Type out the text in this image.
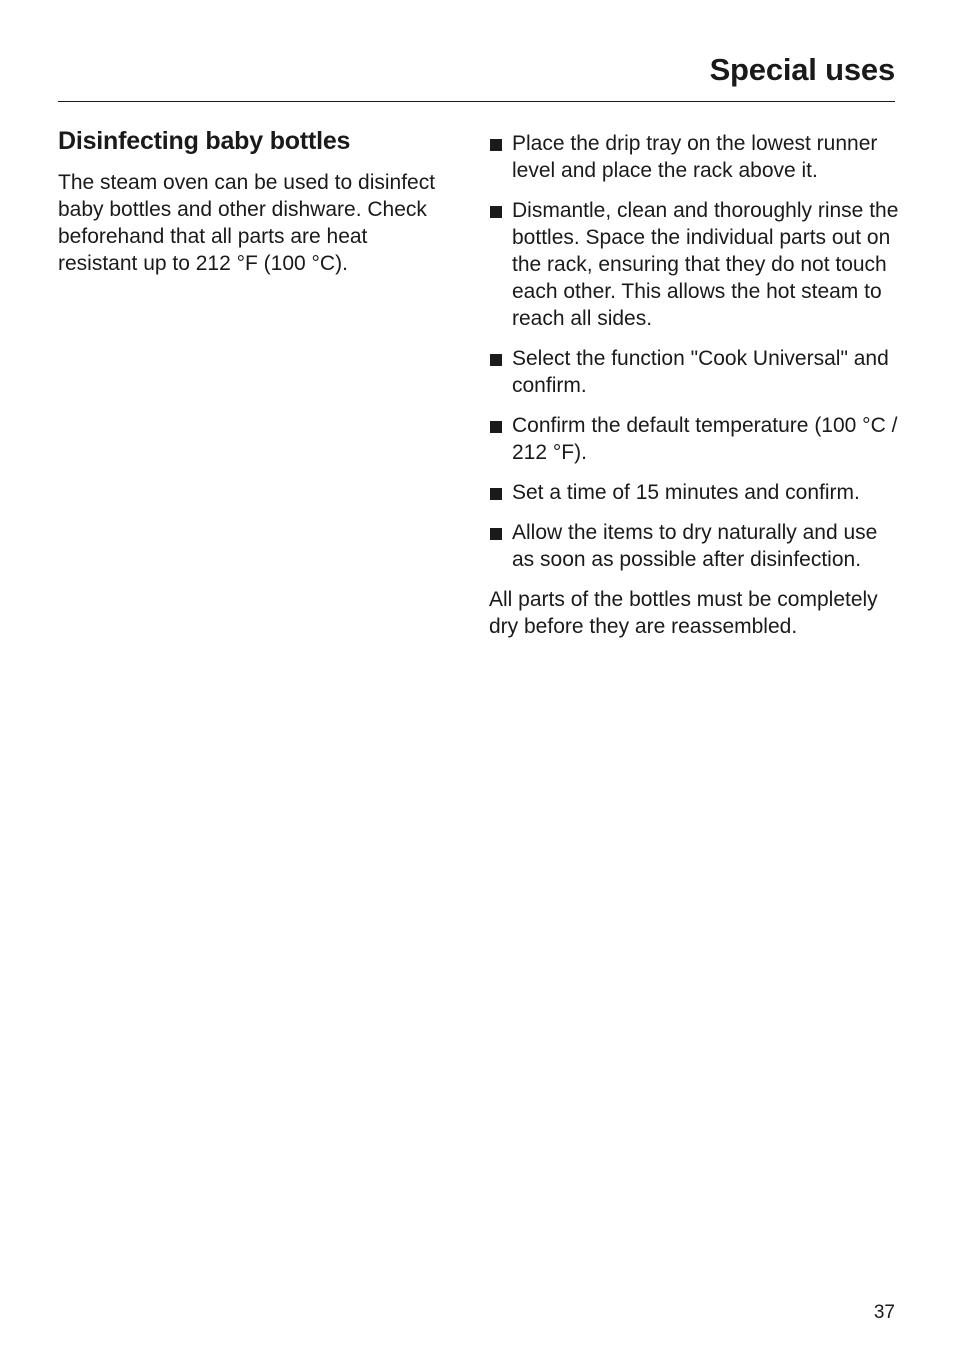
Special uses
Disinfecting baby bottles

The steam oven can be used to disinfect baby bottles and other dishware. Check beforehand that all parts are heat resistant up to 212 °F (100 °C).

Place the drip tray on the lowest runner level and place the rack above it.
Dismantle, clean and thoroughly rinse the bottles. Space the individual parts out on the rack, ensuring that they do not touch each other. This allows the hot steam to reach all sides.
Select the function "Cook Universal" and confirm.
Confirm the default temperature (100 °C / 212 °F).
Set a time of 15 minutes and confirm.
Allow the items to dry naturally and use as soon as possible after disinfection.

All parts of the bottles must be completely dry before they are reassembled.

37
